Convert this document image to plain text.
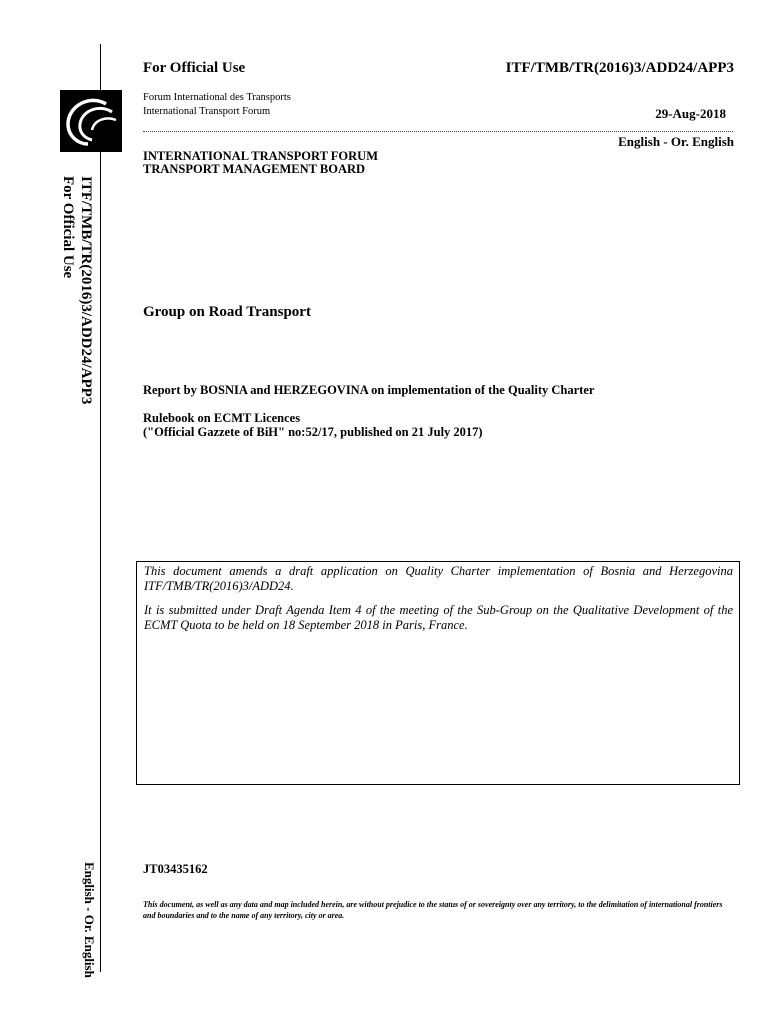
ITF/TMB/TR(2016)3/ADD24/APP3
For Official Use
English - Or. English
For Official Use	ITF/TMB/TR(2016)3/ADD24/APP3
Forum International des Transports
International Transport Forum	29-Aug-2018
English - Or. English
INTERNATIONAL TRANSPORT FORUM
TRANSPORT MANAGEMENT BOARD
Group on Road Transport
Report by BOSNIA and HERZEGOVINA on implementation of the Quality Charter
Rulebook on ECMT Licences
("Official Gazzete of BiH" no:52/17, published on 21 July 2017)

This document amends a draft application on Quality Charter implementation of Bosnia and Herzegovina ITF/TMB/TR(2016)3/ADD24.

It is submitted under Draft Agenda Item 4 of the meeting of the Sub-Group on the Qualitative Development of the ECMT Quota to be held on 18 September 2018 in Paris, France.

JT03435162
This document, as well as any data and map included herein, are without prejudice to the status of or sovereignty over any territory, to the delimitation of international frontiers and boundaries and to the name of any territory, city or area.
